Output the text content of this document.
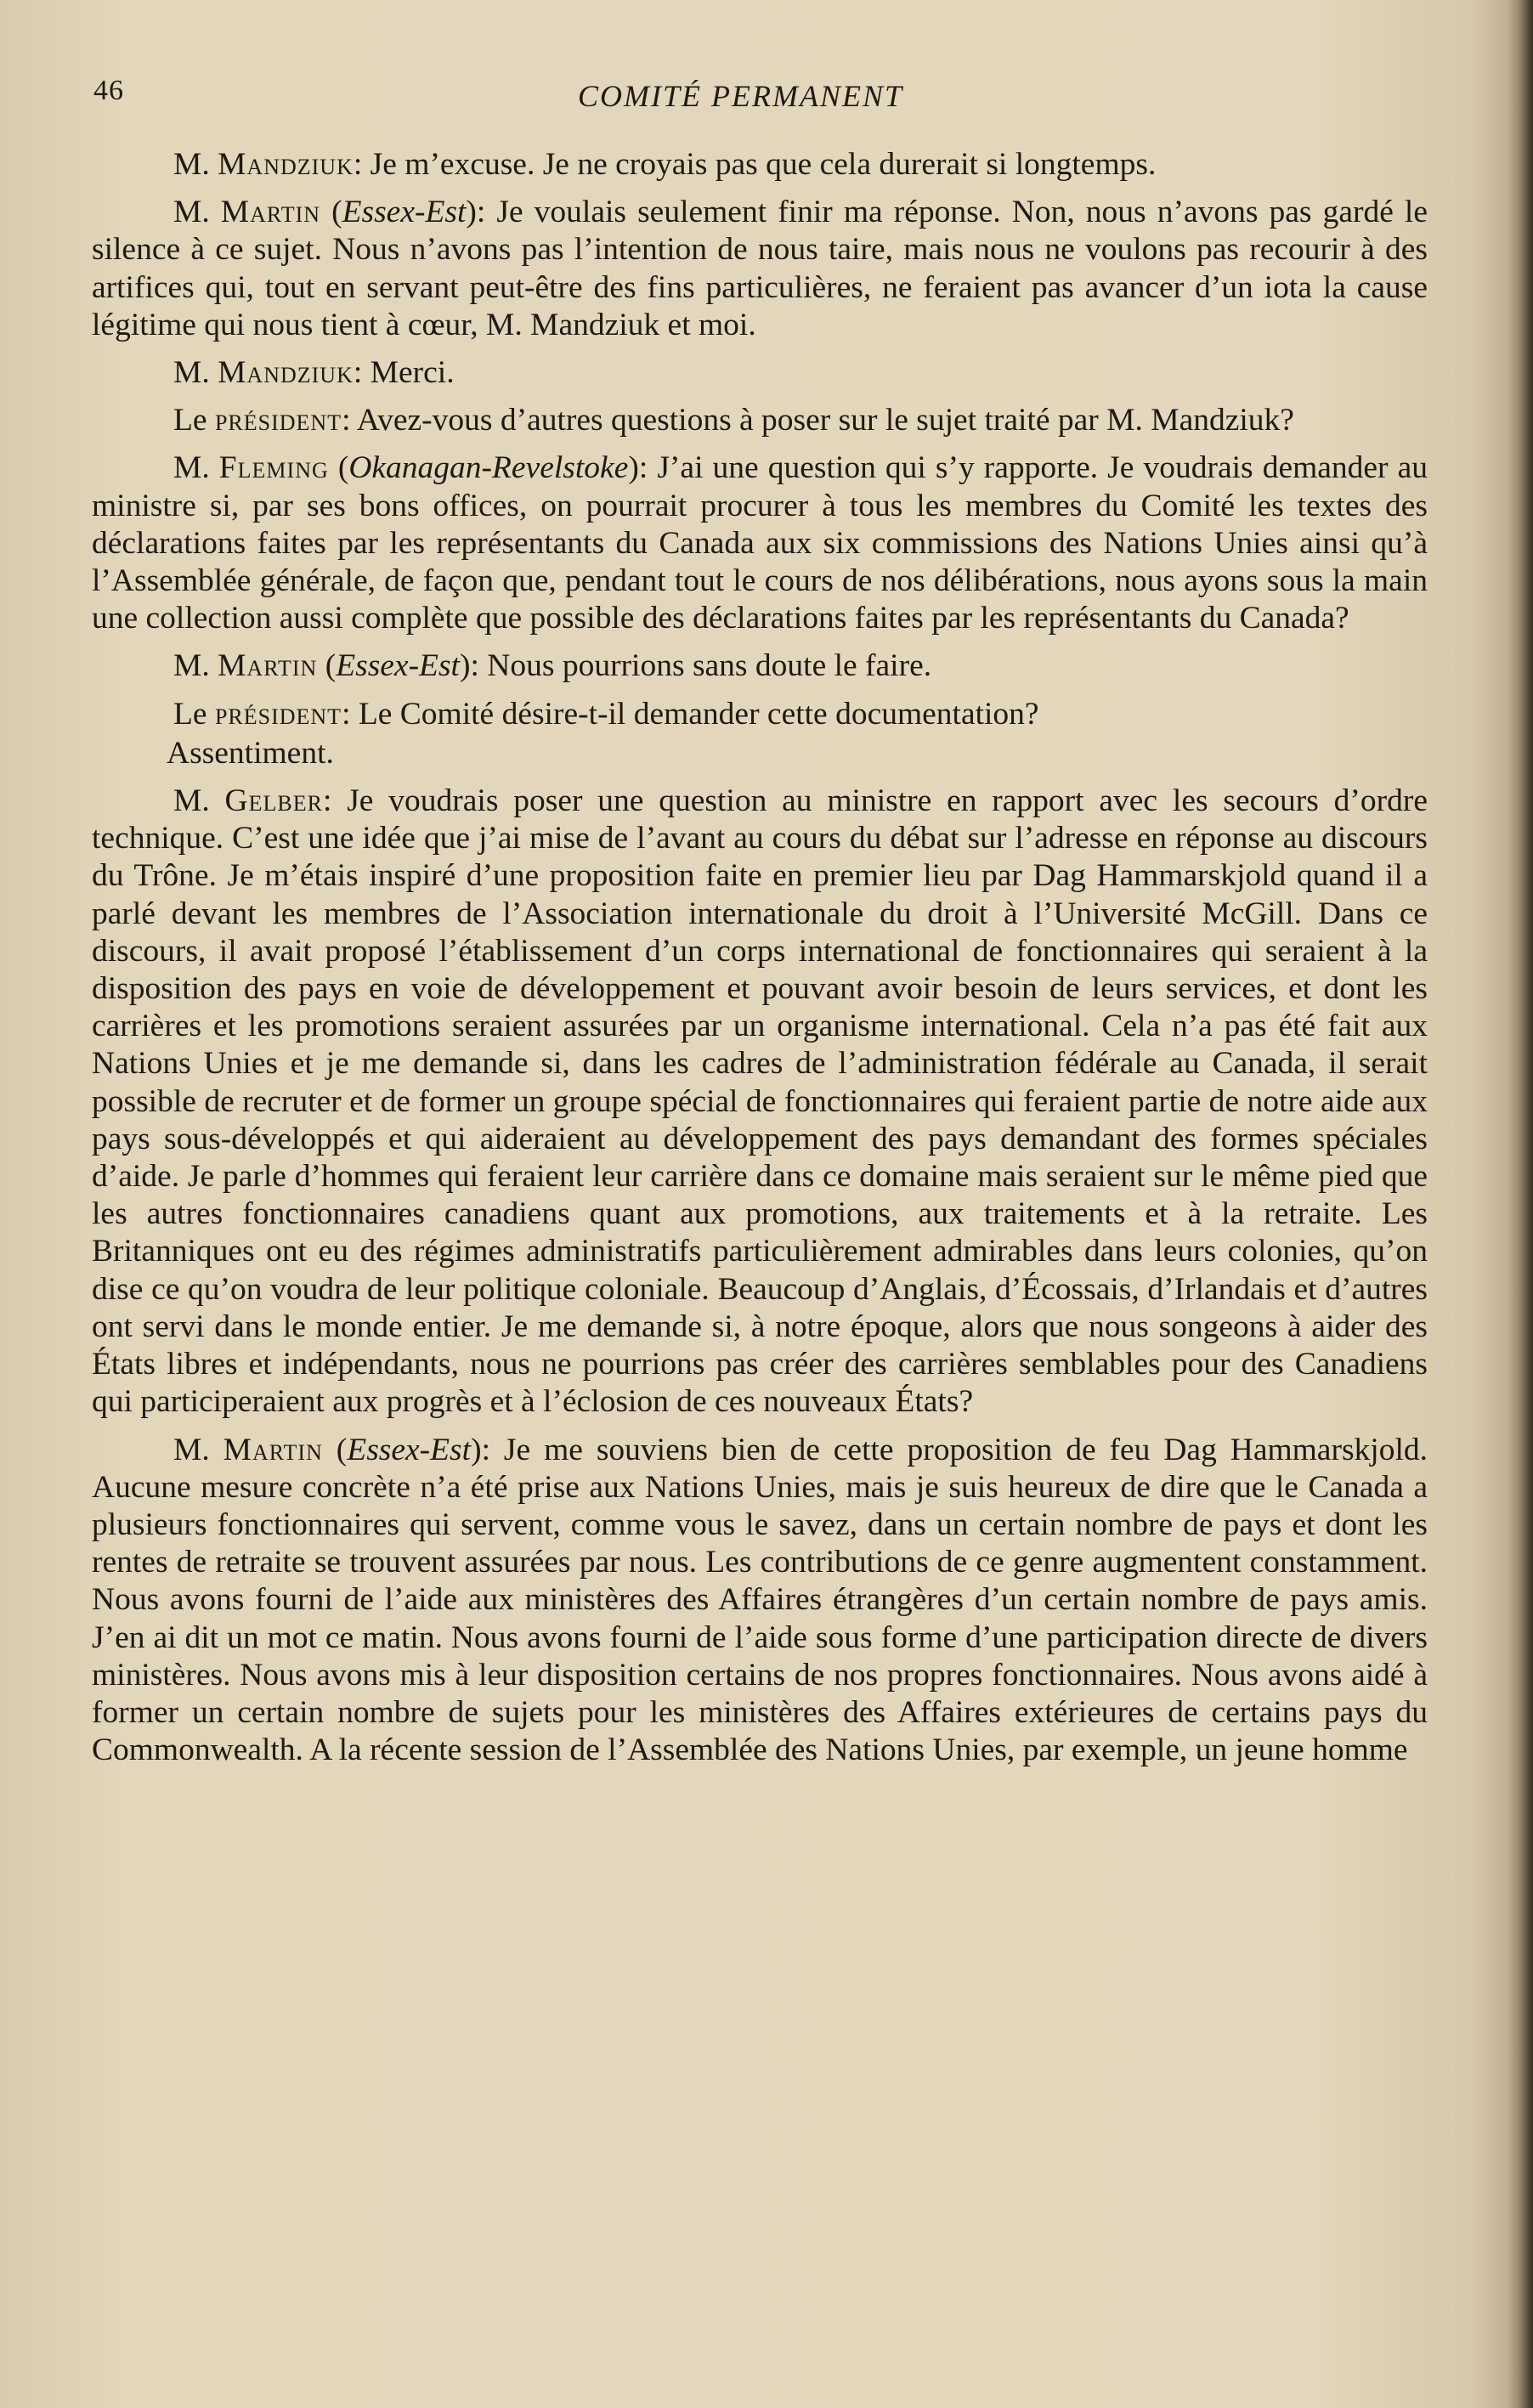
46	COMITÉ PERMANENT

M. Mandziuk: Je m’excuse. Je ne croyais pas que cela durerait si longtemps.

M. Martin (Essex-Est): Je voulais seulement finir ma réponse. Non, nous n’avons pas gardé le silence à ce sujet. Nous n’avons pas l’intention de nous taire, mais nous ne voulons pas recourir à des artifices qui, tout en servant peut-être des fins particulières, ne feraient pas avancer d’un iota la cause légitime qui nous tient à cœur, M. Mandziuk et moi.

M. Mandziuk: Merci.

Le président: Avez-vous d’autres questions à poser sur le sujet traité par M. Mandziuk?

M. Fleming (Okanagan-Revelstoke): J’ai une question qui s’y rapporte. Je voudrais demander au ministre si, par ses bons offices, on pourrait procurer à tous les membres du Comité les textes des déclarations faites par les représentants du Canada aux six commissions des Nations Unies ainsi qu’à l’Assemblée générale, de façon que, pendant tout le cours de nos délibérations, nous ayons sous la main une collection aussi complète que possible des déclarations faites par les représentants du Canada?

M. Martin (Essex-Est): Nous pourrions sans doute le faire.

Le président: Le Comité désire-t-il demander cette documentation?

Assentiment.

M. Gelber: Je voudrais poser une question au ministre en rapport avec les secours d’ordre technique. C’est une idée que j’ai mise de l’avant au cours du débat sur l’adresse en réponse au discours du Trône. Je m’étais inspiré d’une proposition faite en premier lieu par Dag Hammarskjold quand il a parlé devant les membres de l’Association internationale du droit à l’Université McGill. Dans ce discours, il avait proposé l’établissement d’un corps international de fonctionnaires qui seraient à la disposition des pays en voie de développement et pouvant avoir besoin de leurs services, et dont les carrières et les promotions seraient assurées par un organisme international. Cela n’a pas été fait aux Nations Unies et je me demande si, dans les cadres de l’administration fédérale au Canada, il serait possible de recruter et de former un groupe spécial de fonctionnaires qui feraient partie de notre aide aux pays sous-développés et qui aideraient au développement des pays demandant des formes spéciales d’aide. Je parle d’hommes qui feraient leur carrière dans ce domaine mais seraient sur le même pied que les autres fonctionnaires canadiens quant aux promotions, aux traitements et à la retraite. Les Britanniques ont eu des régimes administratifs particulièrement admirables dans leurs colonies, qu’on dise ce qu’on voudra de leur politique coloniale. Beaucoup d’Anglais, d’Écossais, d’Irlandais et d’autres ont servi dans le monde entier. Je me demande si, à notre époque, alors que nous songeons à aider des États libres et indépendants, nous ne pourrions pas créer des carrières semblables pour des Canadiens qui participeraient aux progrès et à l’éclosion de ces nouveaux États?

M. Martin (Essex-Est): Je me souviens bien de cette proposition de feu Dag Hammarskjold. Aucune mesure concrète n’a été prise aux Nations Unies, mais je suis heureux de dire que le Canada a plusieurs fonctionnaires qui servent, comme vous le savez, dans un certain nombre de pays et dont les rentes de retraite se trouvent assurées par nous. Les contributions de ce genre augmentent constamment. Nous avons fourni de l’aide aux ministères des Affaires étrangères d’un certain nombre de pays amis. J’en ai dit un mot ce matin. Nous avons fourni de l’aide sous forme d’une participation directe de divers ministères. Nous avons mis à leur disposition certains de nos propres fonctionnaires. Nous avons aidé à former un certain nombre de sujets pour les ministères des Affaires extérieures de certains pays du Commonwealth. A la récente session de l’Assemblée des Nations Unies, par exemple, un jeune homme
